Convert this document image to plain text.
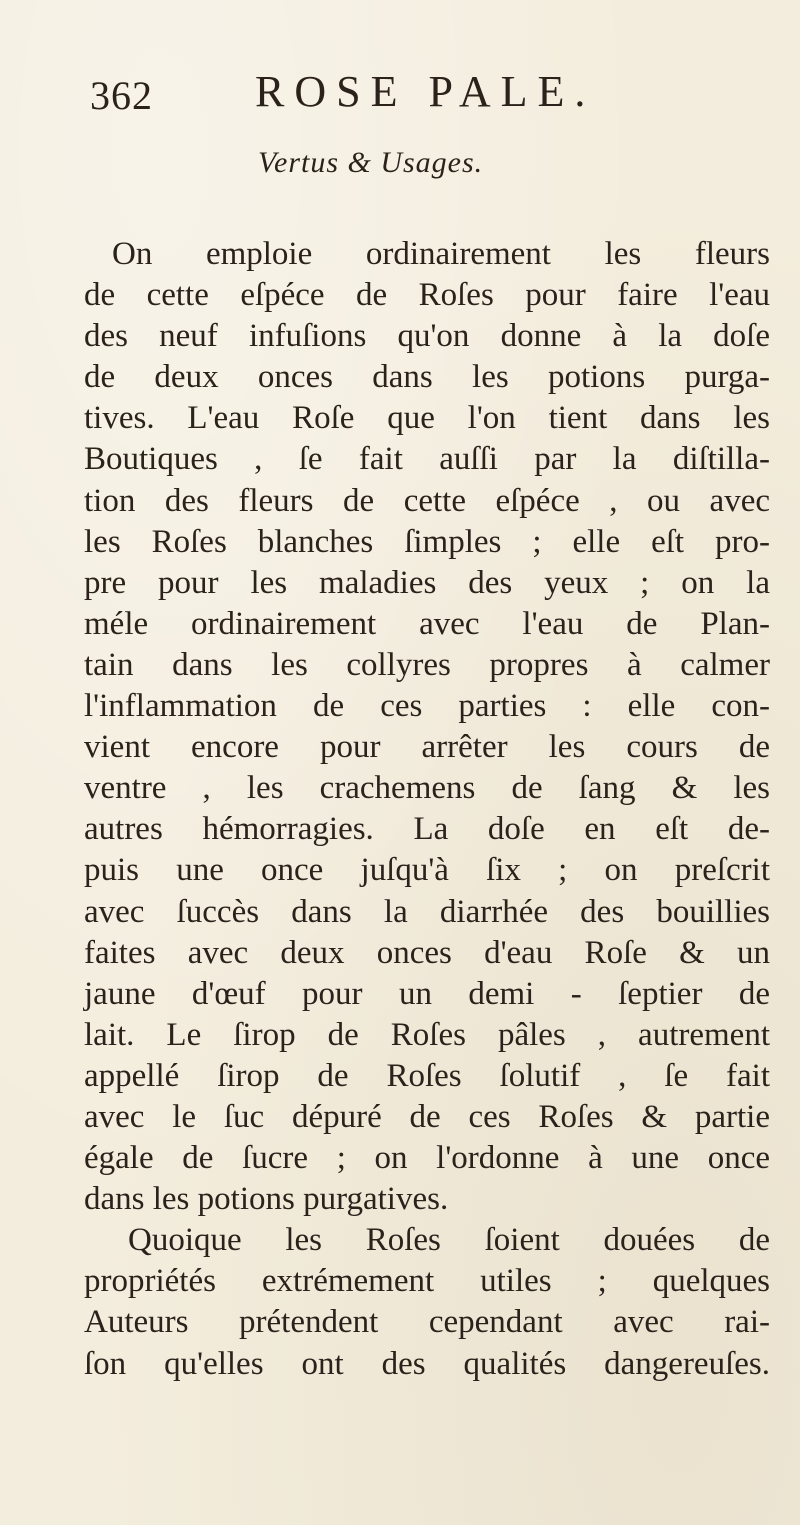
362 ROSE PALE.
Vertus & Usages.
On emploie ordinairement les fleurs
de cette eſpéce de Roſes pour faire l'eau
des neuf infuſions qu'on donne à la doſe
de deux onces dans les potions purga-
tives. L'eau Roſe que l'on tient dans les
Boutiques , ſe fait auſſi par la diſtilla-
tion des fleurs de cette eſpéce , ou avec
les Roſes blanches ſimples ; elle eſt pro-
pre pour les maladies des yeux ; on la
méle ordinairement avec l'eau de Plan-
tain dans les collyres propres à calmer
l'inflammation de ces parties : elle con-
vient encore pour arrêter les cours de
ventre , les crachemens de ſang & les
autres hémorragies. La doſe en eſt de-
puis une once juſqu'à ſix ; on preſcrit
avec ſuccès dans la diarrhée des bouillies
faites avec deux onces d'eau Roſe & un
jaune d'œuf pour un demi - ſeptier de
lait. Le ſirop de Roſes pâles , autrement
appellé ſirop de Roſes ſolutif , ſe fait
avec le ſuc dépuré de ces Roſes & partie
égale de ſucre ; on l'ordonne à une once
dans les potions purgatives.
Quoique les Roſes ſoient douées de
propriétés extrémement utiles ; quelques
Auteurs prétendent cependant avec rai-
ſon qu'elles ont des qualités dangereuſes.
